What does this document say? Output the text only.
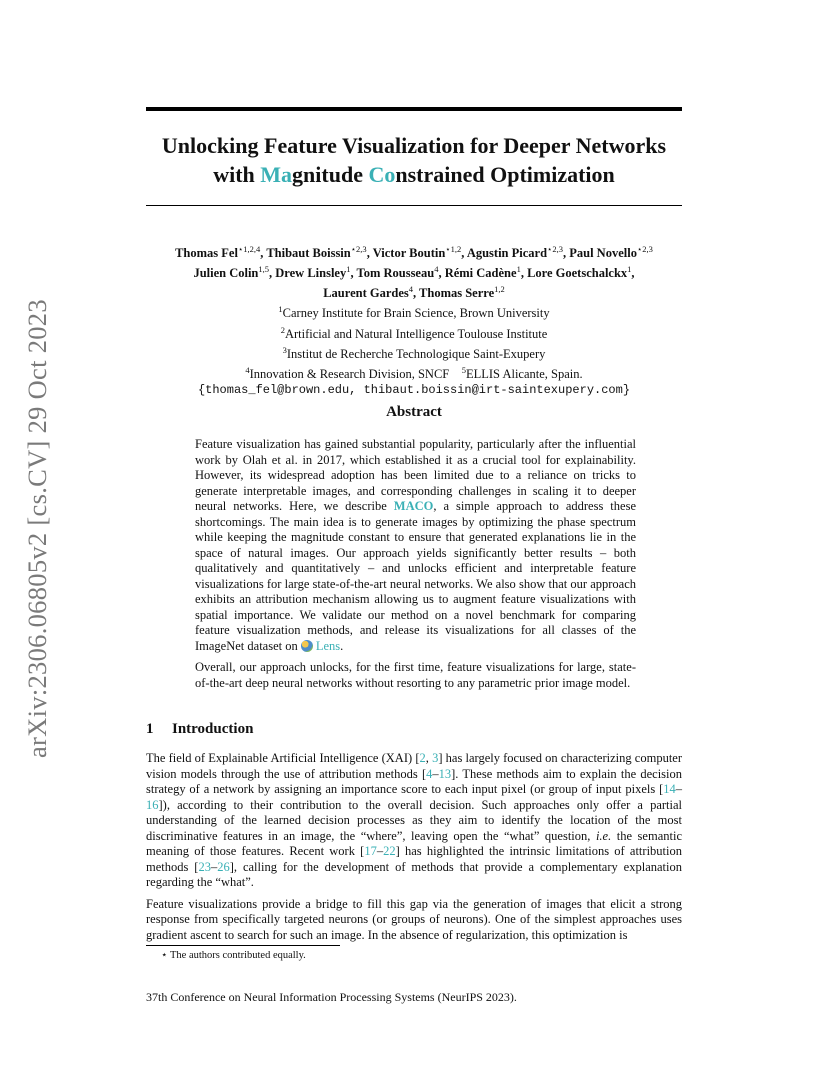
Unlocking Feature Visualization for Deeper Networks
with Magnitude Constrained Optimization
arXiv:2306.06805v2 [cs.CV] 29 Oct 2023
Thomas Fel$^{⋆1,2,4}$, Thibaut Boissin$^{⋆2,3}$, Victor Boutin$^{⋆1,2}$, Agustin Picard$^{⋆2,3}$, Paul Novello$^{⋆2,3}$
Julien Colin$^{1,5}$, Drew Linsley$^1$, Tom Rousseau$^4$, Rémi Cadène$^1$, Lore Goetschalckx$^1$,
Laurent Gardes$^4$, Thomas Serre$^{1,2}$
$^1$Carney Institute for Brain Science, Brown University
$^2$Artificial and Natural Intelligence Toulouse Institute
$^3$Institut de Recherche Technologique Saint-Exupery
$^4$Innovation & Research Division, SNCF $^5$ELLIS Alicante, Spain.
{thomas_fel@brown.edu, thibaut.boissin@irt-saintexupery.com}
Abstract

Feature visualization has gained substantial popularity, particularly after the influential work by Olah et al. in 2017, which established it as a crucial tool for explainability. However, its widespread adoption has been limited due to a reliance on tricks to generate interpretable images, and corresponding challenges in scaling it to deeper neural networks. Here, we describe MACO, a simple approach to address these shortcomings. The main idea is to generate images by optimizing the phase spectrum while keeping the magnitude constant to ensure that generated explanations lie in the space of natural images. Our approach yields significantly better results – both qualitatively and quantitatively – and unlocks efficient and interpretable feature visualizations for large state-of-the-art neural networks. We also show that our approach exhibits an attribution mechanism allowing us to augment feature visualizations with spatial importance. We validate our method on a novel benchmark for comparing feature visualization methods, and release its visualizations for all classes of the ImageNet dataset on Lens.

Overall, our approach unlocks, for the first time, feature visualizations for large, state-of-the-art deep neural networks without resorting to any parametric prior image model.

1 Introduction

The field of Explainable Artificial Intelligence (XAI) [2, 3] has largely focused on characterizing computer vision models through the use of attribution methods [4–13]. These methods aim to explain the decision strategy of a network by assigning an importance score to each input pixel (or group of input pixels [14–16]), according to their contribution to the overall decision. Such approaches only offer a partial understanding of the learned decision processes as they aim to identify the location of the most discriminative features in an image, the “where”, leaving open the “what” question, i.e. the semantic meaning of those features. Recent work [17–22] has highlighted the intrinsic limitations of attribution methods [23–26], calling for the development of methods that provide a complementary explanation regarding the “what”.

Feature visualizations provide a bridge to fill this gap via the generation of images that elicit a strong response from specifically targeted neurons (or groups of neurons). One of the simplest approaches uses gradient ascent to search for such an image. In the absence of regularization, this optimization is

⋆ The authors contributed equally.
37th Conference on Neural Information Processing Systems (NeurIPS 2023).
